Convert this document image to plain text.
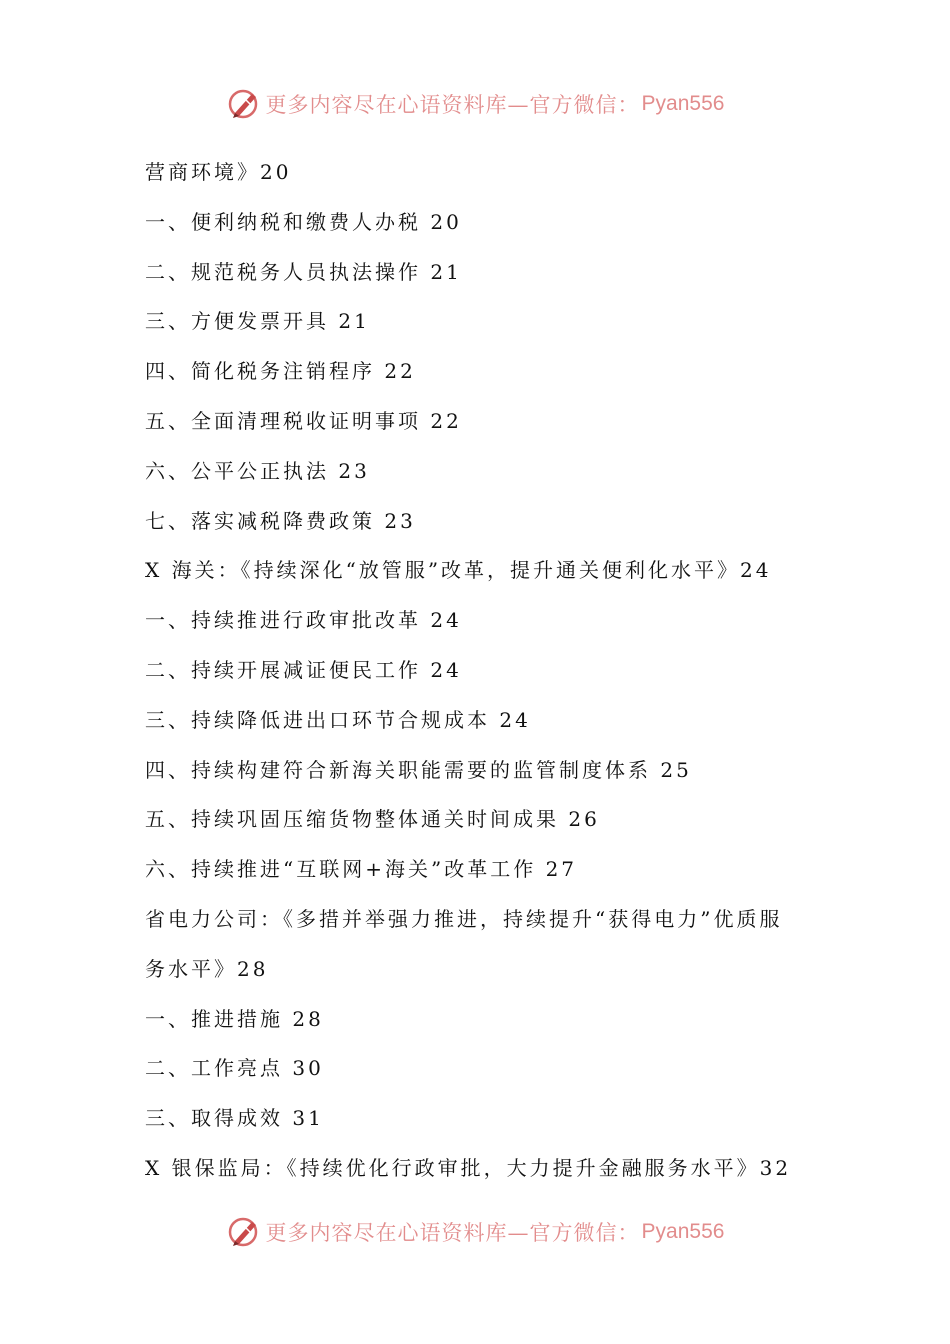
更多内容尽在心语资料库—官方微信： Pyan556
营商环境》20
一、便利纳税和缴费人办税 20
二、规范税务人员执法操作 21
三、方便发票开具 21
四、简化税务注销程序 22
五、全面清理税收证明事项 22
六、公平公正执法 23
七、落实减税降费政策 23
X 海关：《持续深化“放管服”改革，提升通关便利化水平》24
一、持续推进行政审批改革 24
二、持续开展减证便民工作 24
三、持续降低进出口环节合规成本 24
四、持续构建符合新海关职能需要的监管制度体系 25
五、持续巩固压缩货物整体通关时间成果 26
六、持续推进“互联网+海关”改革工作 27
省电力公司：《多措并举强力推进，持续提升“获得电力”优质服
务水平》28
一、推进措施 28
二、工作亮点 30
三、取得成效 31
X 银保监局：《持续优化行政审批，大力提升金融服务水平》32
更多内容尽在心语资料库—官方微信： Pyan556
